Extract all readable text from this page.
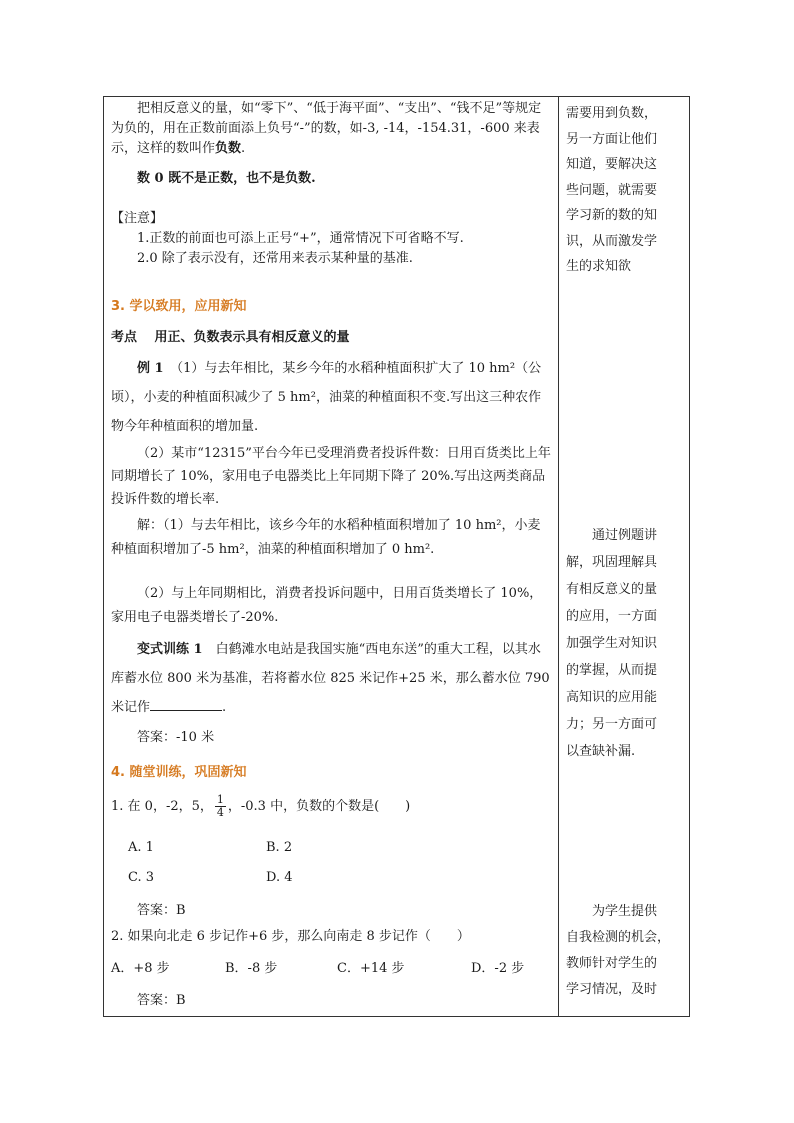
把相反意义的量，如“零下”、“低于海平面”、“支出”、“钱不足”等规定为负的，用在正数前面添上负号“-”的数，如-3, -14，-154.31，-600 来表示，这样的数叫作负数.

数 0 既不是正数，也不是负数.

【注意】

1.正数的前面也可添上正号“+”，通常情况下可省略不写.

2.0 除了表示没有，还常用来表示某种量的基准.

3. 学以致用，应用新知

考点　 用正、负数表示具有相反意义的量

例 1　 （1）与去年相比，某乡今年的水稻种植面积扩大了 10 hm²（公顷），小麦的种植面积减少了 5 hm²，油菜的种植面积不变.写出这三种农作物今年种植面积的增加量.

（2）某市“12315”平台今年已受理消费者投诉件数：日用百货类比上年同期增长了 10%，家用电子电器类比上年同期下降了 20%.写出这两类商品投诉件数的增长率.

解：（1）与去年相比，该乡今年的水稻种植面积增加了 10 hm²，小麦种植面积增加了-5 hm²，油菜的种植面积增加了 0 hm².

（2）与上年同期相比，消费者投诉问题中，日用百货类增长了 10%，家用电子电器类增长了-20%.

变式训练 1　 白鹤滩水电站是我国实施“西电东送”的重大工程，以其水库蓄水位 800 米为基准，若将蓄水位 825 米记作+25 米，那么蓄水位 790 米记作	.

答案：-10 米

4. 随堂训练，巩固新知

1. 在 0，-2，5， $\frac{1}{4}$ ，-0.3 中，负数的个数是(　　)

A. 1	B. 2
C. 3	D. 4

答案：B

2. 如果向北走 6 步记作+6 步，那么向南走 8 步记作（　　）

A．+8 步	B．-8 步	C．+14 步	D．-2 步

答案：B

需要用到负数，

另一方面让他们

知道，要解决这

些问题，就需要

学习新的数的知

识，从而激发学

生的求知欲

　　通过例题讲

解，巩固理解具

有相反意义的量

的应用，一方面

加强学生对知识

的掌握，从而提

高知识的应用能

力；另一方面可

以查缺补漏.

　　为学生提供

自我检测的机会，

教师针对学生的

学习情况，及时
